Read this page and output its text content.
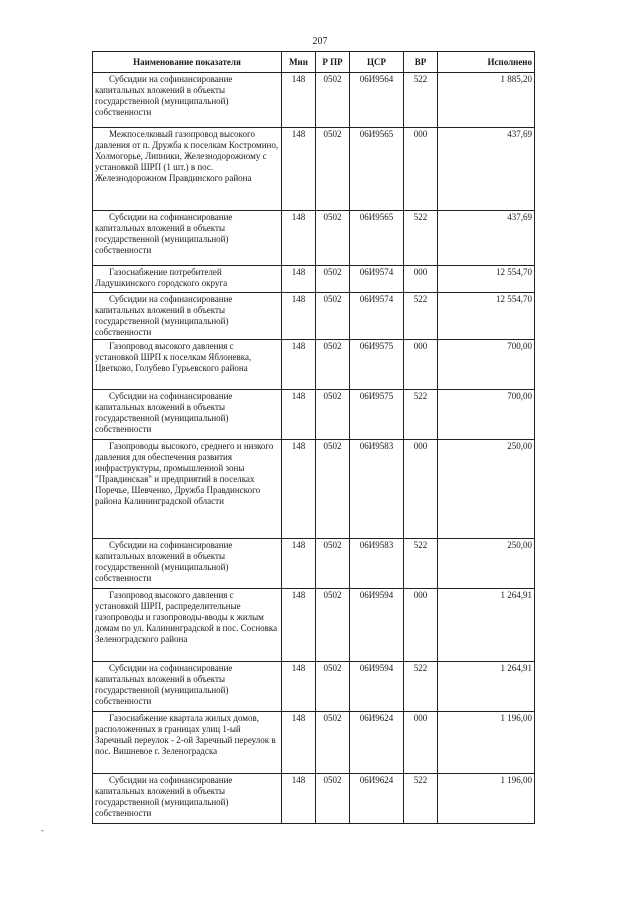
207
Наименование показателя	Мин	Р ПР	ЦСР	ВР	Исполнено

Субсидии на софинансирование капитальных вложений в объекты государственной (муниципальной) собственности	148	0502	06И9564	522	1 885,20

Межпоселковый газопровод высокого давления от п. Дружба к поселкам Костромино, Холмогорье, Липники, Железнодорожному с установкой ШРП (1 шт.) в пос. Железнодорожном Правдинского района	148	0502	06И9565	000	437,69

Субсидии на софинансирование капитальных вложений в объекты государственной (муниципальной) собственности	148	0502	06И9565	522	437,69

Газоснабжение потребителей Ладушкинского городского округа	148	0502	06И9574	000	12 554,70

Субсидии на софинансирование капитальных вложений в объекты государственной (муниципальной) собственности	148	0502	06И9574	522	12 554,70

Газопровод высокого давления с установкой ШРП к поселкам Яблоневка, Цветково, Голубево Гурьевского района	148	0502	06И9575	000	700,00

Субсидии на софинансирование капитальных вложений в объекты государственной (муниципальной) собственности	148	0502	06И9575	522	700,00

Газопроводы высокого, среднего и низкого давления для обеспечения развития инфраструктуры, промышленной зоны "Правдинская" и предприятий в поселках Поречье, Шевченко, Дружба Правдинского района Калининградской области	148	0502	06И9583	000	250,00

Субсидии на софинансирование капитальных вложений в объекты государственной (муниципальной) собственности	148	0502	06И9583	522	250,00

Газопровод высокого давления с установкой ШРП, распределительные газопроводы и газопроводы-вводы к жилым домам по ул. Калининградской в пос. Сосновка Зеленоградского района	148	0502	06И9594	000	1 264,91

Субсидии на софинансирование капитальных вложений в объекты государственной (муниципальной) собственности	148	0502	06И9594	522	1 264,91

Газоснабжение квартала жилых домов, расположенных в границах улиц 1-ый Заречный переулок - 2-ой Заречный переулок в пос. Вишневое г. Зеленоградска	148	0502	06И9624	000	1 196,00

Субсидии на софинансирование капитальных вложений в объекты государственной (муниципальной) собственности	148	0502	06И9624	522	1 196,00
-
